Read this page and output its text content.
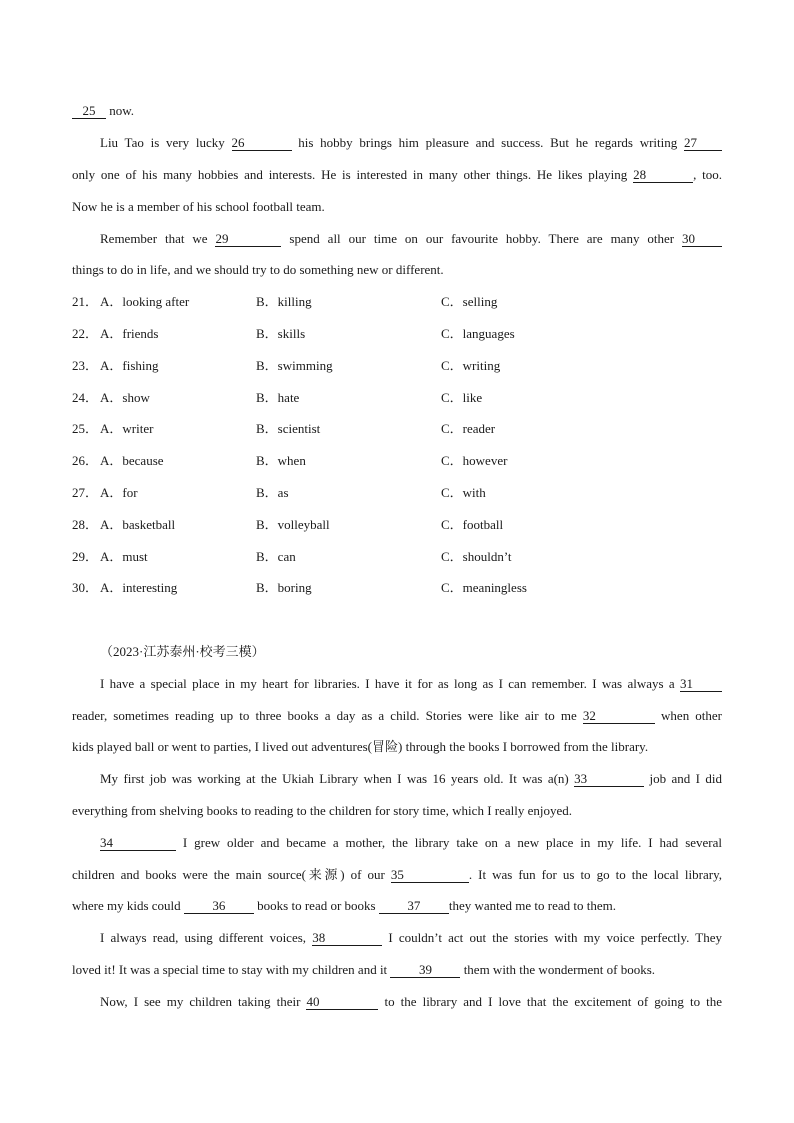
25 now.
Liu Tao is very lucky 26	his hobby brings him pleasure and success. But he regards writing 27
only one of his many hobbies and interests. He is interested in many other things. He likes playing 28	, too.
Now he is a member of his school football team.
Remember that we 29	spend all our time on our favourite hobby. There are many other 30
things to do in life, and we should try to do something new or different.
21． A．looking after	B．killing	C．selling
22． A．friends	B．skills	C．languages
23． A．fishing	B．swimming	C．writing
24． A．show	B．hate	C．like
25． A．writer	B．scientist	C．reader
26． A．because	B．when	C．however
27． A．for	B．as	C．with
28． A．basketball	B．volleyball	C．football
29． A．must	B．can	C．shouldn’t
30． A．interesting	B．boring	C．meaningless
（2023·江苏泰州·校考三模）
I have a special place in my heart for libraries. I have it for as long as I can remember. I was always a 31
reader, sometimes reading up to three books a day as a child. Stories were like air to me 32	when other
kids played ball or went to parties, I lived out adventures(冒险) through the books I borrowed from the library.
My first job was working at the Ukiah Library when I was 16 years old. It was a(n) 33	job and I did
everything from shelving books to reading to the children for story time, which I really enjoyed.
34	I grew older and became a mother, the library take on a new place in my life. I had several
children and books were the main source(来源) of our 35	. It was fun for us to go to the local library,
where my kids could 36 books to read or books 37 they wanted me to read to them.
I always read, using different voices, 38	I couldn’t act out the stories with my voice perfectly. They
loved it! It was a special time to stay with my children and it 39 them with the wonderment of books.
Now, I see my children taking their 40	to the library and I love that the excitement of going to the
